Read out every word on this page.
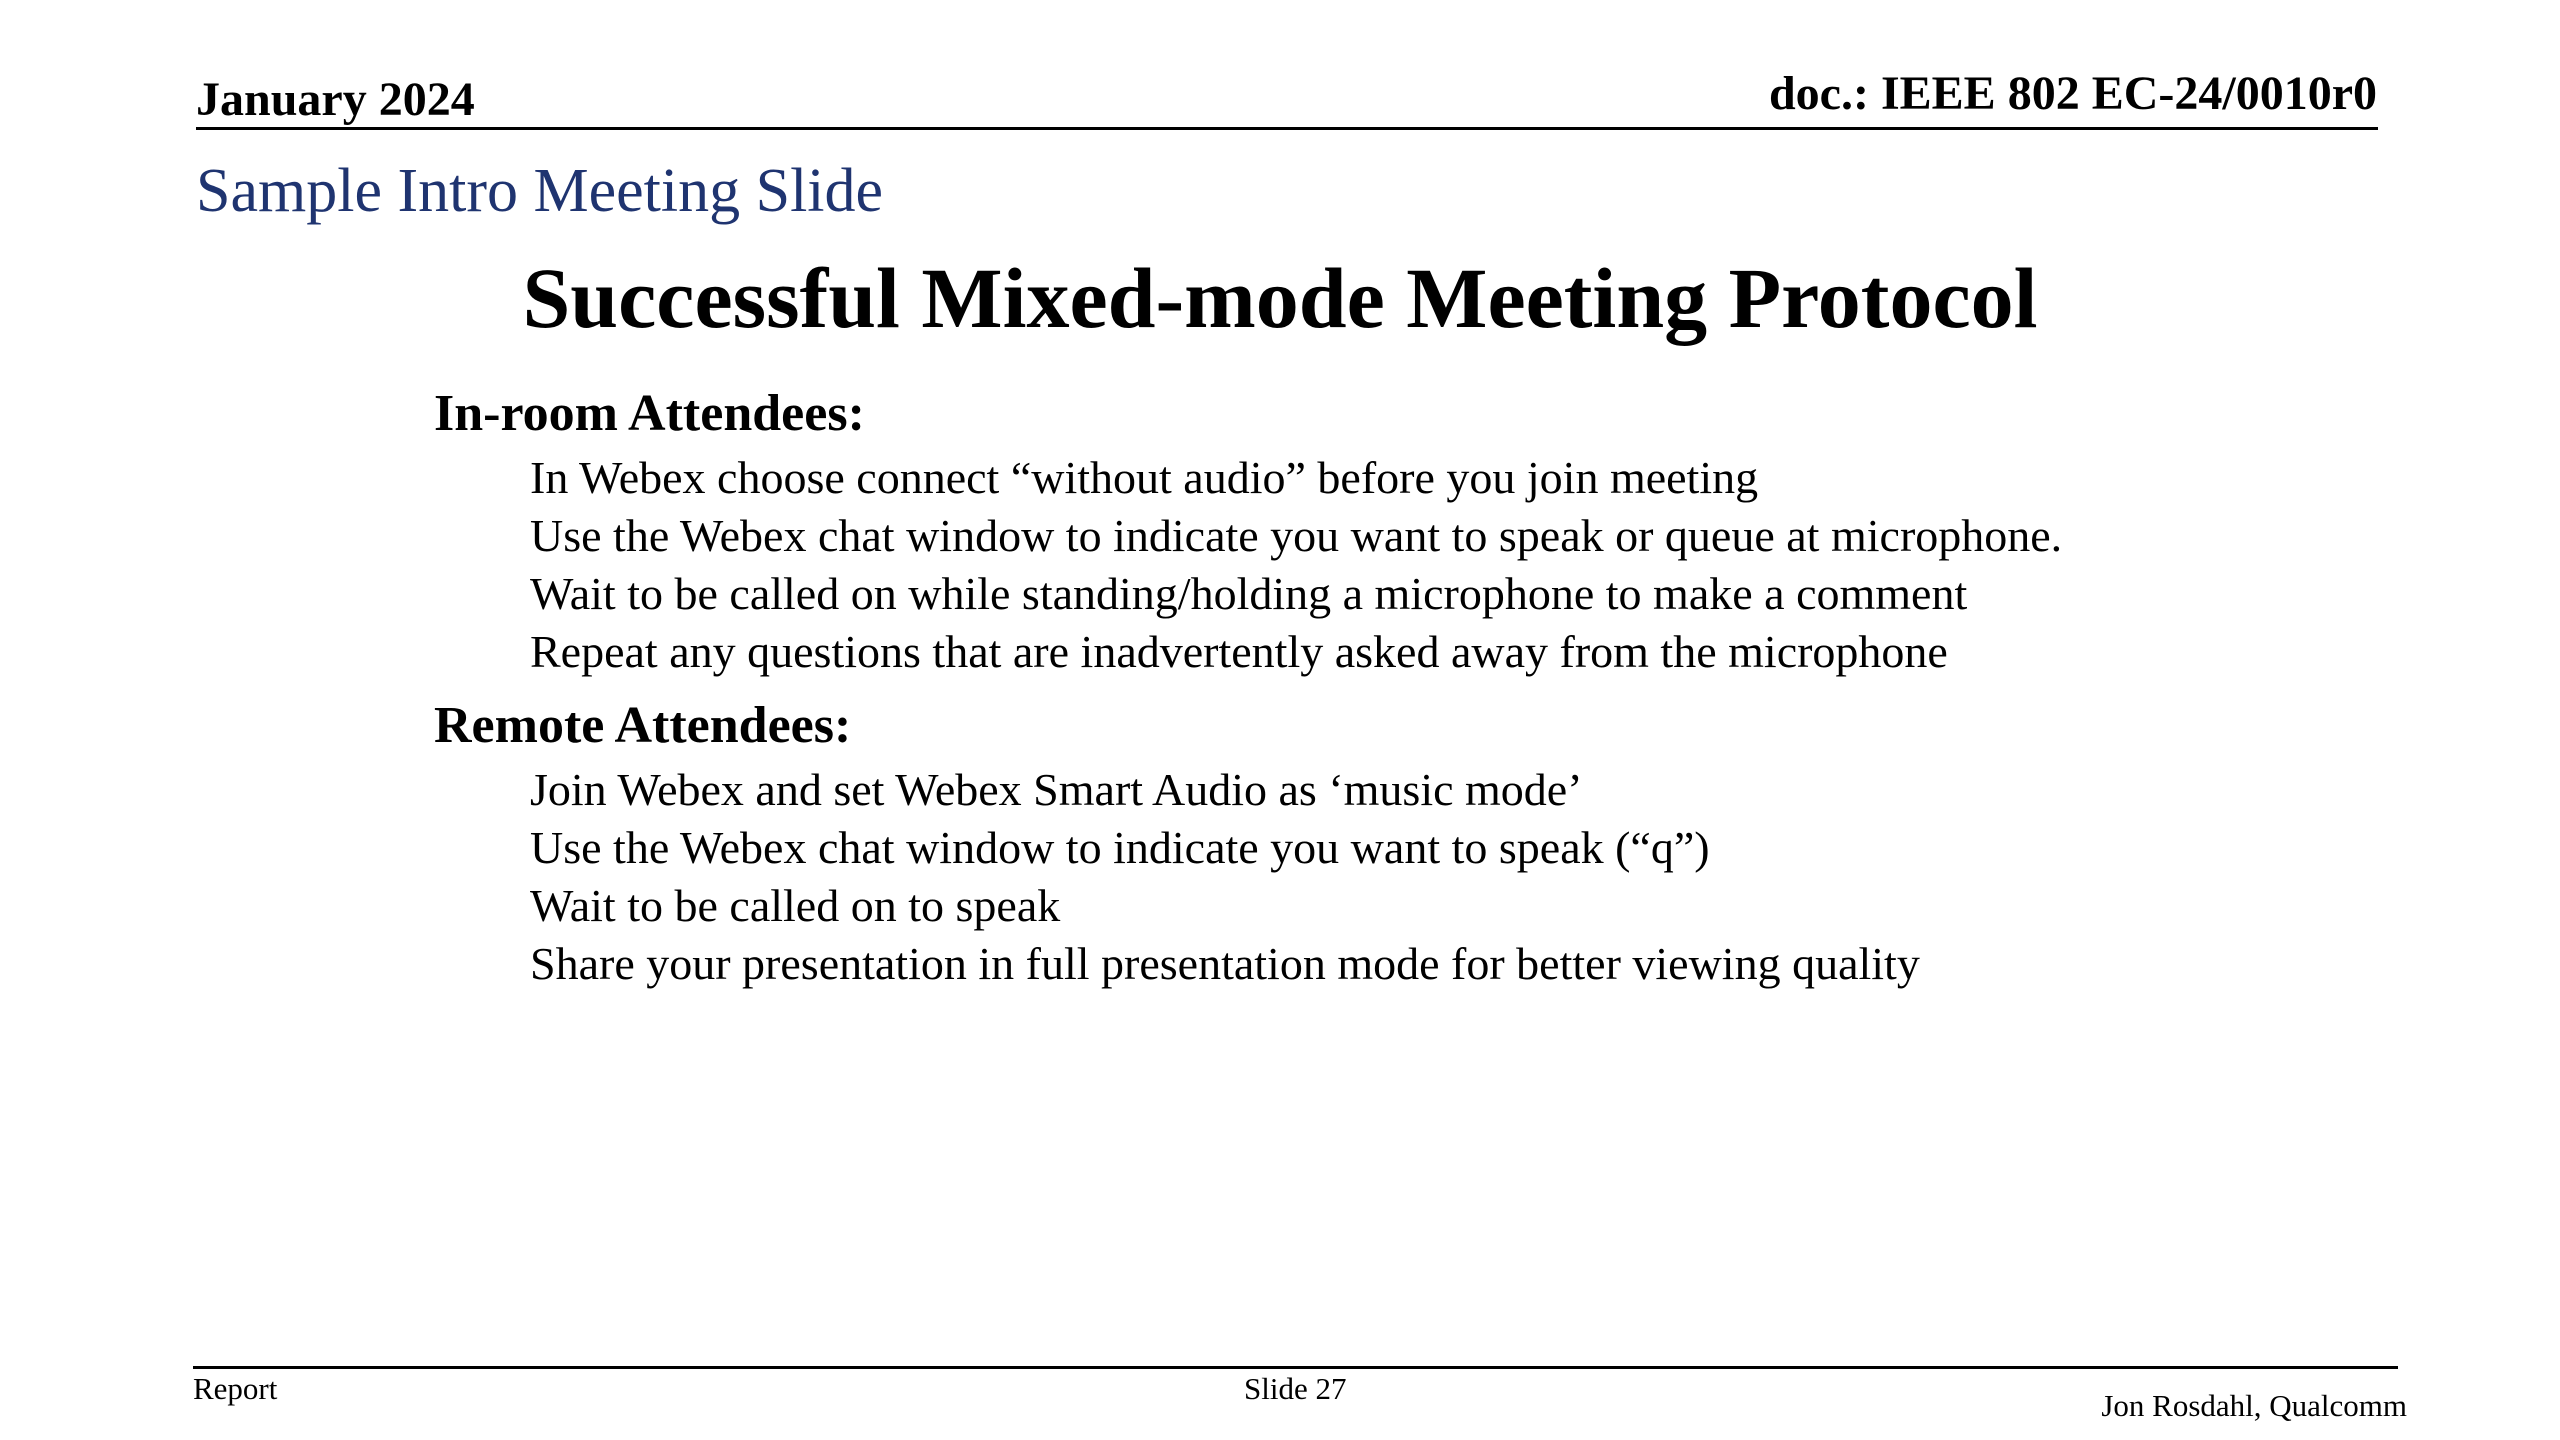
January 2024	doc.: IEEE 802 EC-24/0010r0
Sample Intro Meeting Slide
Successful Mixed-mode Meeting Protocol
In-room Attendees:
In Webex choose connect “without audio” before you join meeting
Use the Webex chat window to indicate you want to speak or queue at microphone.
Wait to be called on while standing/holding a microphone to make a comment
Repeat any questions that are inadvertently asked away from the microphone
Remote Attendees:
Join Webex and set Webex Smart Audio as ‘music mode’
Use the Webex chat window to indicate you want to speak (“q”)
Wait to be called on to speak
Share your presentation in full presentation mode for better viewing quality
Report	Slide 27	Jon Rosdahl, Qualcomm
